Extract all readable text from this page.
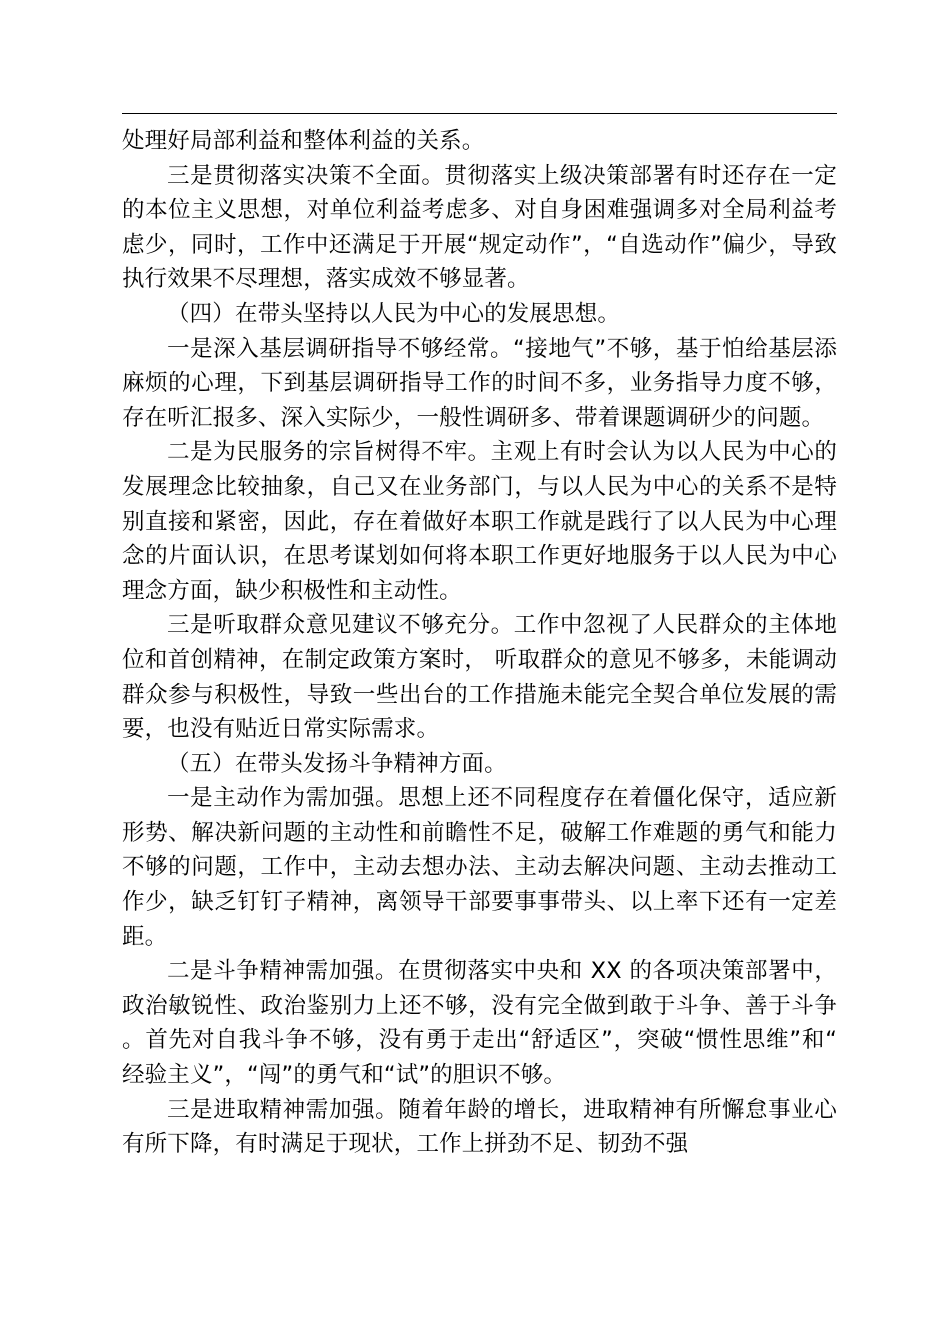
处理好局部利益和整体利益的关系。

三是贯彻落实决策不全面。贯彻落实上级决策部署有时还存在一定的本位主义思想，对单位利益考虑多、对自身困难强调多对全局利益考虑少，同时，工作中还满足于开展“规定动作”，“自选动作”偏少，导致执行效果不尽理想，落实成效不够显著。

（四）在带头坚持以人民为中心的发展思想。

一是深入基层调研指导不够经常。“接地气”不够，基于怕给基层添麻烦的心理，下到基层调研指导工作的时间不多，业务指导力度不够，存在听汇报多、深入实际少，一般性调研多、带着课题调研少的问题。

二是为民服务的宗旨树得不牢。主观上有时会认为以人民为中心的发展理念比较抽象，自己又在业务部门，与以人民为中心的关系不是特别直接和紧密，因此，存在着做好本职工作就是践行了以人民为中心理念的片面认识，在思考谋划如何将本职工作更好地服务于以人民为中心理念方面，缺少积极性和主动性。

三是听取群众意见建议不够充分。工作中忽视了人民群众的主体地位和首创精神，在制定政策方案时， 听取群众的意见不够多，未能调动群众参与积极性，导致一些出台的工作措施未能完全契合单位发展的需要，也没有贴近日常实际需求。

（五）在带头发扬斗争精神方面。

一是主动作为需加强。思想上还不同程度存在着僵化保守，适应新形势、解决新问题的主动性和前瞻性不足，破解工作难题的勇气和能力不够的问题，工作中，主动去想办法、主动去解决问题、主动去推动工作少，缺乏钉钉子精神，离领导干部要事事带头、以上率下还有一定差距。

二是斗争精神需加强。在贯彻落实中央和 XX 的各项决策部署中，政治敏锐性、政治鉴别力上还不够，没有完全做到敢于斗争、善于斗争。首先对自我斗争不够，没有勇于走出“舒适区”，突破“惯性思维”和“经验主义”，“闯”的勇气和“试”的胆识不够。

三是进取精神需加强。随着年龄的增长，进取精神有所懈怠事业心有所下降，有时满足于现状，工作上拼劲不足、韧劲不强
